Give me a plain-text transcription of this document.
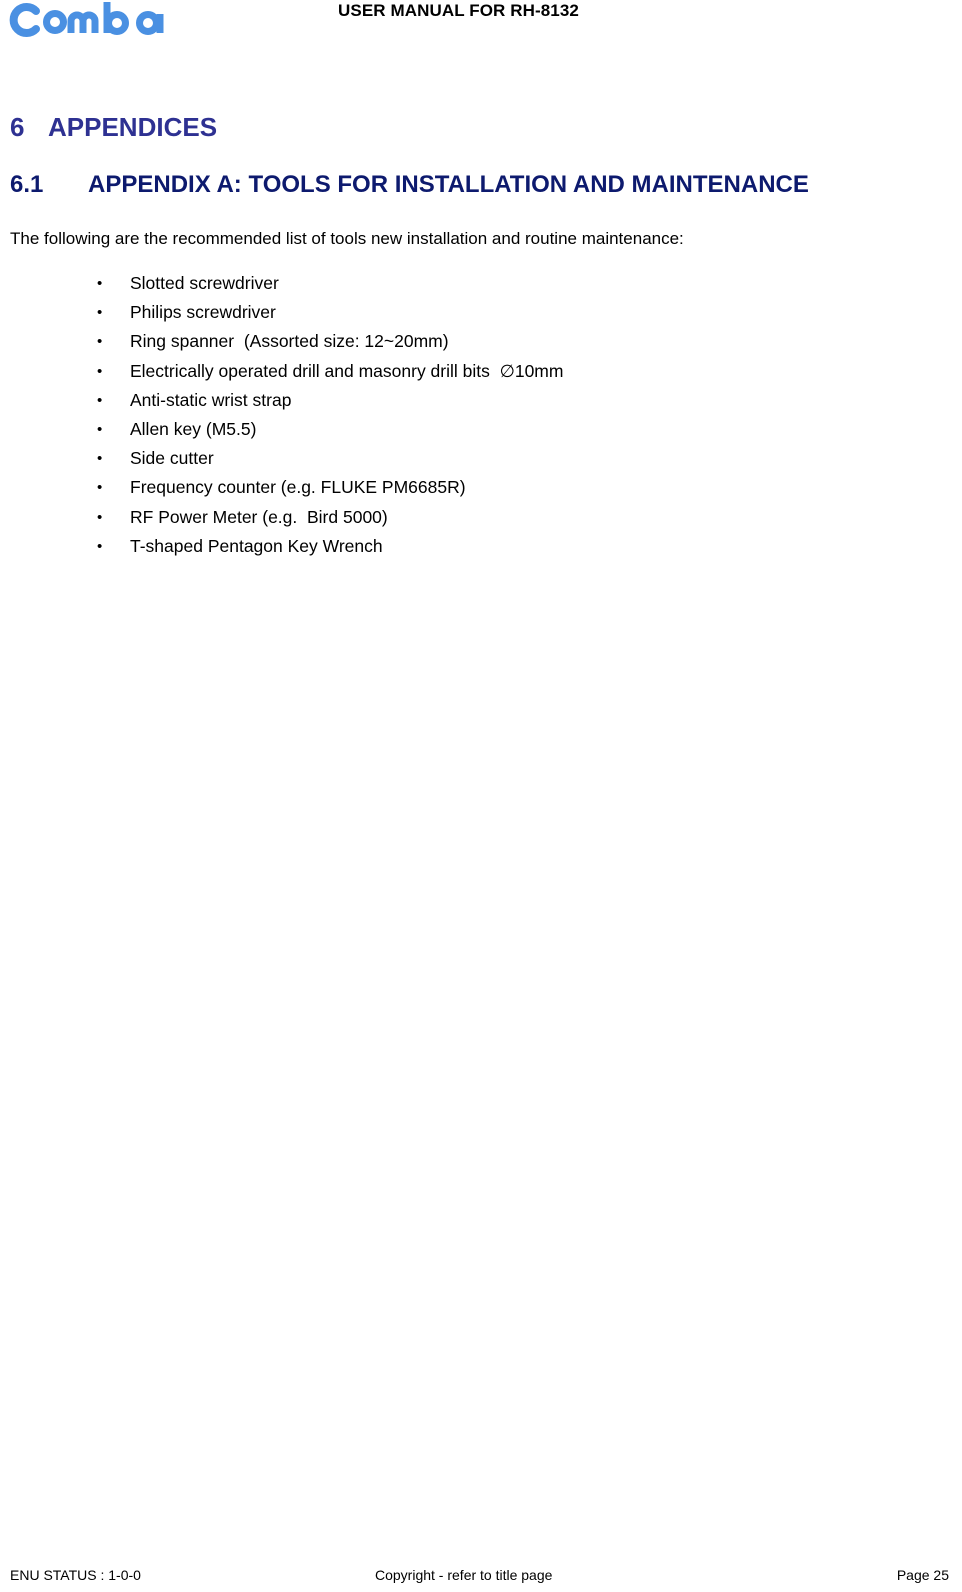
USER MANUAL FOR RH-8132
6 APPENDICES
6.1 APPENDIX A: TOOLS FOR INSTALLATION AND MAINTENANCE
The following are the recommended list of tools new installation and routine maintenance:
•	Slotted screwdriver
•	Philips screwdriver
•	Ring spanner  (Assorted size: 12~20mm)
•	Electrically operated drill and masonry drill bits  ∅10mm
•	Anti-static wrist strap
•	Allen key (M5.5)
•	Side cutter
•	Frequency counter (e.g. FLUKE PM6685R)
•	RF Power Meter (e.g.  Bird 5000)
•	T-shaped Pentagon Key Wrench
ENU STATUS : 1-0-0	Copyright - refer to title page	Page 25
